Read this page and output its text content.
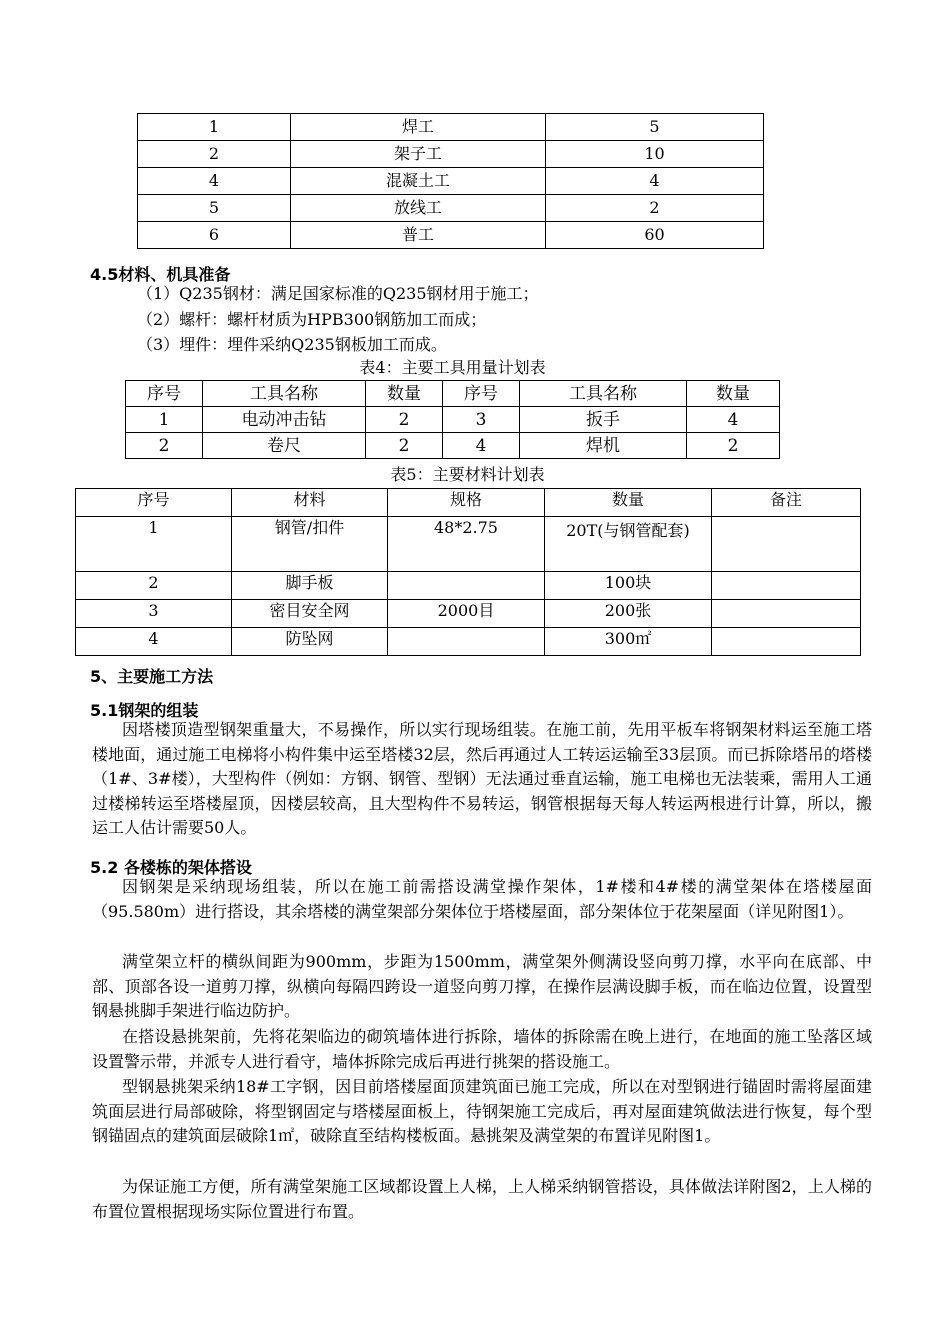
1	焊工	5
2	架子工	10
4	混凝土工	4
5	放线工	2
6	普工	60
4.5材料、机具准备
（1）Q235钢材：满足国家标准的Q235钢材用于施工；
（2）螺杆：螺杆材质为HPB300钢筋加工而成；
（3）埋件：埋件采纳Q235钢板加工而成。
表4：主要工具用量计划表
序号	工具名称	数量	序号	工具名称	数量
1	电动冲击钻	2	3	扳手	4
2	卷尺	2	4	焊机	2
表5：主要材料计划表
序号	材料	规格	数量	备注
1	钢管/扣件	48*2.75	20T(与钢管配套)	
2	脚手板		100块	
3	密目安全网	2000目	200张	
4	防坠网		300㎡	
5、主要施工方法
5.1钢架的组装
因塔楼顶造型钢架重量大，不易操作，所以实行现场组装。在施工前，先用平板车将钢架材料运至施工塔楼地面，通过施工电梯将小构件集中运至塔楼32层，然后再通过人工转运运输至33层顶。而已拆除塔吊的塔楼（1#、3#楼），大型构件（例如：方钢、钢管、型钢）无法通过垂直运输，施工电梯也无法装乘，需用人工通过楼梯转运至塔楼屋顶，因楼层较高，且大型构件不易转运，钢管根据每天每人转运两根进行计算，所以，搬运工人估计需要50人。
5.2 各楼栋的架体搭设
因钢架是采纳现场组装，所以在施工前需搭设满堂操作架体，1#楼和4#楼的满堂架体在塔楼屋面（95.580m）进行搭设，其余塔楼的满堂架部分架体位于塔楼屋面，部分架体位于花架屋面（详见附图1）。
满堂架立杆的横纵间距为900mm，步距为1500mm，满堂架外侧满设竖向剪刀撑，水平向在底部、中部、顶部各设一道剪刀撑，纵横向每隔四跨设一道竖向剪刀撑，在操作层满设脚手板，而在临边位置，设置型钢悬挑脚手架进行临边防护。
在搭设悬挑架前，先将花架临边的砌筑墙体进行拆除，墙体的拆除需在晚上进行，在地面的施工坠落区域设置警示带，并派专人进行看守，墙体拆除完成后再进行挑架的搭设施工。
型钢悬挑架采纳18#工字钢，因目前塔楼屋面顶建筑面已施工完成，所以在对型钢进行锚固时需将屋面建筑面层进行局部破除，将型钢固定与塔楼屋面板上，待钢架施工完成后，再对屋面建筑做法进行恢复，每个型钢锚固点的建筑面层破除1㎡，破除直至结构楼板面。悬挑架及满堂架的布置详见附图1。
为保证施工方便，所有满堂架施工区域都设置上人梯，上人梯采纳钢管搭设，具体做法详附图2，上人梯的布置位置根据现场实际位置进行布置。
